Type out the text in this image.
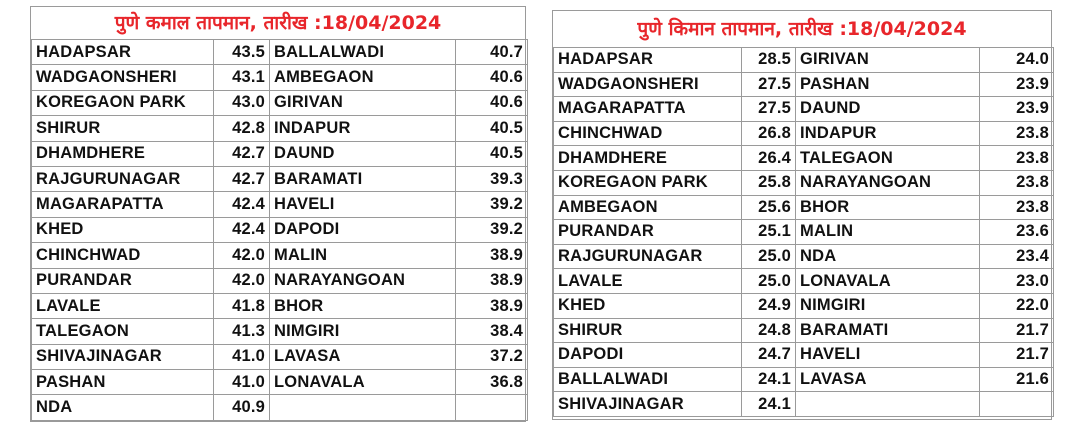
पुणे कमाल तापमान, तारीख :18/04/2024
HADAPSAR	43.5	BALLALWADI	40.7
WADGAONSHERI	43.1	AMBEGAON	40.6
KOREGAON PARK	43.0	GIRIVAN	40.6
SHIRUR	42.8	INDAPUR	40.5
DHAMDHERE	42.7	DAUND	40.5
RAJGURUNAGAR	42.7	BARAMATI	39.3
MAGARAPATTA	42.4	HAVELI	39.2
KHED	42.4	DAPODI	39.2
CHINCHWAD	42.0	MALIN	38.9
PURANDAR	42.0	NARAYANGOAN	38.9
LAVALE	41.8	BHOR	38.9
TALEGAON	41.3	NIMGIRI	38.4
SHIVAJINAGAR	41.0	LAVASA	37.2
PASHAN	41.0	LONAVALA	36.8
NDA	40.9		
पुणे किमान तापमान, तारीख :18/04/2024
HADAPSAR	28.5	GIRIVAN	24.0
WADGAONSHERI	27.5	PASHAN	23.9
MAGARAPATTA	27.5	DAUND	23.9
CHINCHWAD	26.8	INDAPUR	23.8
DHAMDHERE	26.4	TALEGAON	23.8
KOREGAON PARK	25.8	NARAYANGOAN	23.8
AMBEGAON	25.6	BHOR	23.8
PURANDAR	25.1	MALIN	23.6
RAJGURUNAGAR	25.0	NDA	23.4
LAVALE	25.0	LONAVALA	23.0
KHED	24.9	NIMGIRI	22.0
SHIRUR	24.8	BARAMATI	21.7
DAPODI	24.7	HAVELI	21.7
BALLALWADI	24.1	LAVASA	21.6
SHIVAJINAGAR	24.1		
